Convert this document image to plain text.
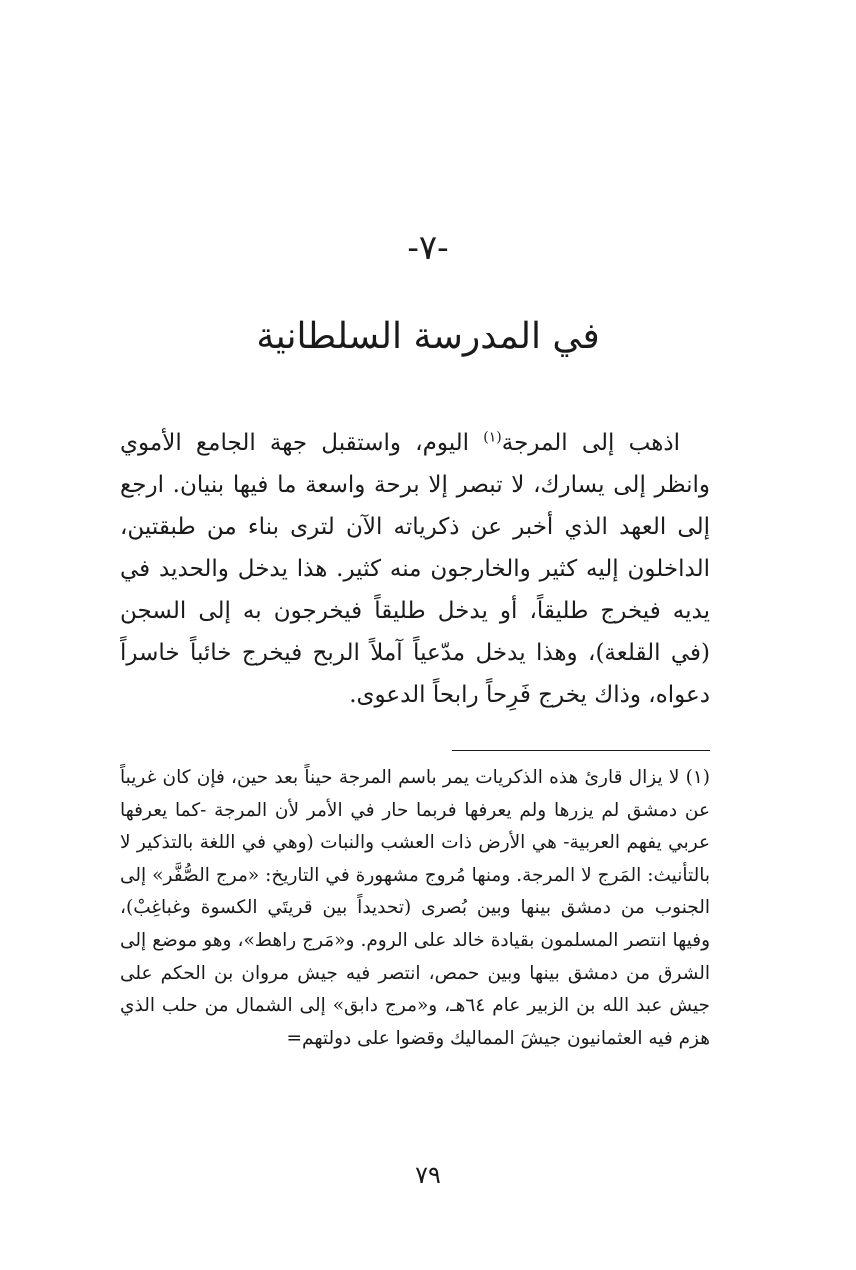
-٧-
في المدرسة السلطانية

اذهب إلى المرجة$^{(١)}$ اليوم، واستقبل جهة الجامع الأموي وانظر إلى يسارك، لا تبصر إلا برحة واسعة ما فيها بنيان. ارجع إلى العهد الذي أخبر عن ذكرياته الآن لترى بناء من طبقتين، الداخلون إليه كثير والخارجون منه كثير. هذا يدخل والحديد في يديه فيخرج طليقاً، أو يدخل طليقاً فيخرجون به إلى السجن (في القلعة)، وهذا يدخل مدّعياً آملاً الربح فيخرج خائباً خاسراً دعواه، وذاك يخرج فَرِحاً رابحاً الدعوى.

(١) لا يزال قارئ هذه الذكريات يمر باسم المرجة حيناً بعد حين، فإن كان غريباً عن دمشق لم يزرها ولم يعرفها فربما حار في الأمر لأن المرجة -كما يعرفها عربي يفهم العربية- هي الأرض ذات العشب والنبات (وهي في اللغة بالتذكير لا بالتأنيث: المَرج لا المرجة. ومنها مُروج مشهورة في التاريخ: «مرج الصُّفَّر» إلى الجنوب من دمشق بينها وبين بُصرى (تحديداً بين قريتَي الكسوة وغباغِبْ)، وفيها انتصر المسلمون بقيادة خالد على الروم. و«مَرج راهط»، وهو موضع إلى الشرق من دمشق بينها وبين حمص، انتصر فيه جيش مروان بن الحكم على جيش عبد الله بن الزبير عام ٦٤هـ، و«مرج دابق» إلى الشمال من حلب الذي هزم فيه العثمانيون جيشَ المماليك وقضوا على دولتهم=

٧٩
